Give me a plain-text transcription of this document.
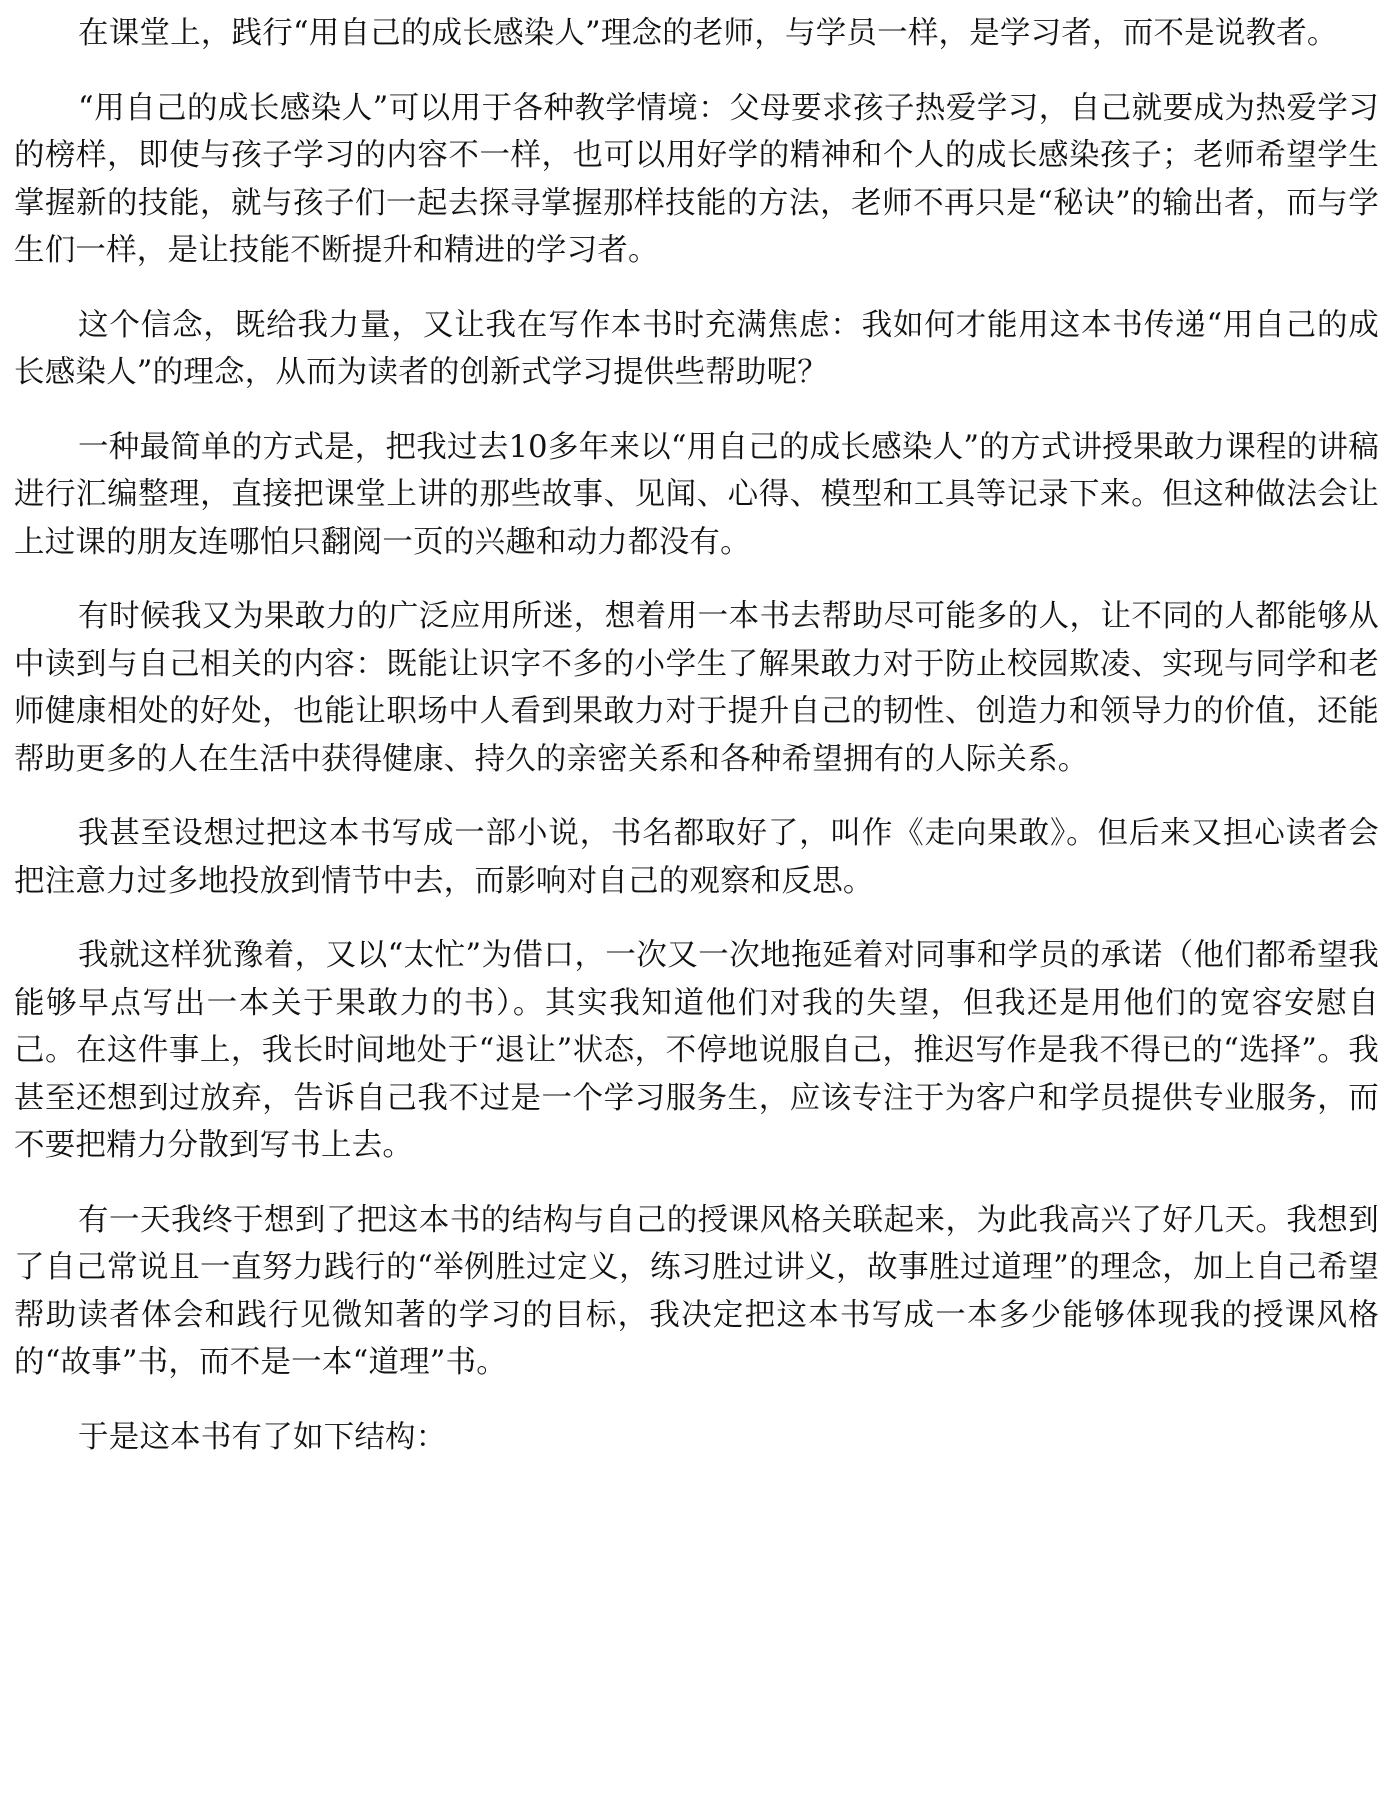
在课堂上，践行“用自己的成长感染人”理念的老师，与学员一样，是学习者，而不是说教者。

“用自己的成长感染人”可以用于各种教学情境：父母要求孩子热爱学习，自己就要成为热爱学习的榜样，即使与孩子学习的内容不一样，也可以用好学的精神和个人的成长感染孩子；老师希望学生掌握新的技能，就与孩子们一起去探寻掌握那样技能的方法，老师不再只是“秘诀”的输出者，而与学生们一样，是让技能不断提升和精进的学习者。

这个信念，既给我力量，又让我在写作本书时充满焦虑：我如何才能用这本书传递“用自己的成长感染人”的理念，从而为读者的创新式学习提供些帮助呢？

一种最简单的方式是，把我过去10多年来以“用自己的成长感染人”的方式讲授果敢力课程的讲稿进行汇编整理，直接把课堂上讲的那些故事、见闻、心得、模型和工具等记录下来。但这种做法会让上过课的朋友连哪怕只翻阅一页的兴趣和动力都没有。

有时候我又为果敢力的广泛应用所迷，想着用一本书去帮助尽可能多的人，让不同的人都能够从中读到与自己相关的内容：既能让识字不多的小学生了解果敢力对于防止校园欺凌、实现与同学和老师健康相处的好处，也能让职场中人看到果敢力对于提升自己的韧性、创造力和领导力的价值，还能帮助更多的人在生活中获得健康、持久的亲密关系和各种希望拥有的人际关系。

我甚至设想过把这本书写成一部小说，书名都取好了，叫作《走向果敢》。但后来又担心读者会把注意力过多地投放到情节中去，而影响对自己的观察和反思。

我就这样犹豫着，又以“太忙”为借口，一次又一次地拖延着对同事和学员的承诺（他们都希望我能够早点写出一本关于果敢力的书）。其实我知道他们对我的失望，但我还是用他们的宽容安慰自己。在这件事上，我长时间地处于“退让”状态，不停地说服自己，推迟写作是我不得已的“选择”。我甚至还想到过放弃，告诉自己我不过是一个学习服务生，应该专注于为客户和学员提供专业服务，而不要把精力分散到写书上去。

有一天我终于想到了把这本书的结构与自己的授课风格关联起来，为此我高兴了好几天。我想到了自己常说且一直努力践行的“举例胜过定义，练习胜过讲义，故事胜过道理”的理念，加上自己希望帮助读者体会和践行见微知著的学习的目标，我决定把这本书写成一本多少能够体现我的授课风格的“故事”书，而不是一本“道理”书。

于是这本书有了如下结构：
